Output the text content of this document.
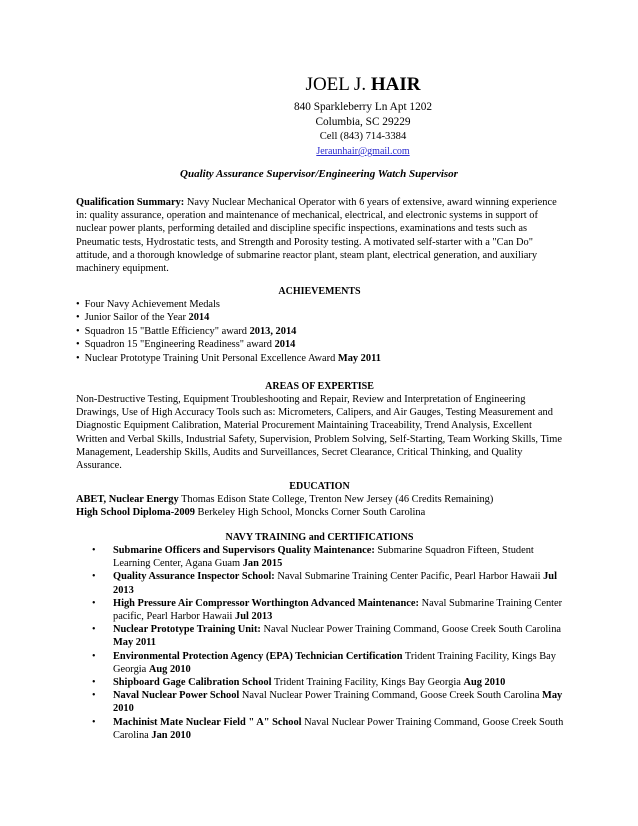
JOEL J. HAIR
840 Sparkleberry Ln Apt 1202
Columbia, SC 29229
Cell (843) 714-3384
Jeraunhair@gmail.com
Quality Assurance Supervisor/Engineering Watch Supervisor
Qualification Summary: Navy Nuclear Mechanical Operator with 6 years of extensive, award winning experience in: quality assurance, operation and maintenance of mechanical, electrical, and electronic systems in support of nuclear power plants, performing detailed and discipline specific inspections, examinations and tests such as Pneumatic tests, Hydrostatic tests, and Strength and Porosity testing. A motivated self-starter with a "Can Do" attitude, and a thorough knowledge of submarine reactor plant, steam plant, electrical generation, and auxiliary machinery equipment.
ACHIEVEMENTS
• Four Navy Achievement Medals
• Junior Sailor of the Year 2014
• Squadron 15 "Battle Efficiency" award 2013, 2014
• Squadron 15 "Engineering Readiness" award 2014
• Nuclear Prototype Training Unit Personal Excellence Award May 2011
AREAS OF EXPERTISE
Non-Destructive Testing, Equipment Troubleshooting and Repair, Review and Interpretation of Engineering Drawings, Use of High Accuracy Tools such as: Micrometers, Calipers, and Air Gauges, Testing Measurement and Diagnostic Equipment Calibration, Material Procurement Maintaining Traceability, Trend Analysis, Excellent Written and Verbal Skills, Industrial Safety, Supervision, Problem Solving, Self-Starting, Team Working Skills, Time Management, Leadership Skills, Audits and Surveillances, Secret Clearance, Critical Thinking, and Quality Assurance.
EDUCATION
ABET, Nuclear Energy Thomas Edison State College, Trenton New Jersey (46 Credits Remaining)
High School Diploma-2009 Berkeley High School, Moncks Corner South Carolina
NAVY TRAINING and CERTIFICATIONS
• Submarine Officers and Supervisors Quality Maintenance: Submarine Squadron Fifteen, Student Learning Center, Agana Guam Jan 2015
• Quality Assurance Inspector School: Naval Submarine Training Center Pacific, Pearl Harbor Hawaii Jul 2013
• High Pressure Air Compressor Worthington Advanced Maintenance: Naval Submarine Training Center pacific, Pearl Harbor Hawaii Jul 2013
• Nuclear Prototype Training Unit: Naval Nuclear Power Training Command, Goose Creek South Carolina May 2011
• Environmental Protection Agency (EPA) Technician Certification Trident Training Facility, Kings Bay Georgia Aug 2010
• Shipboard Gage Calibration School Trident Training Facility, Kings Bay Georgia Aug 2010
• Naval Nuclear Power School Naval Nuclear Power Training Command, Goose Creek South Carolina May 2010
• Machinist Mate Nuclear Field " A" School Naval Nuclear Power Training Command, Goose Creek South Carolina Jan 2010
